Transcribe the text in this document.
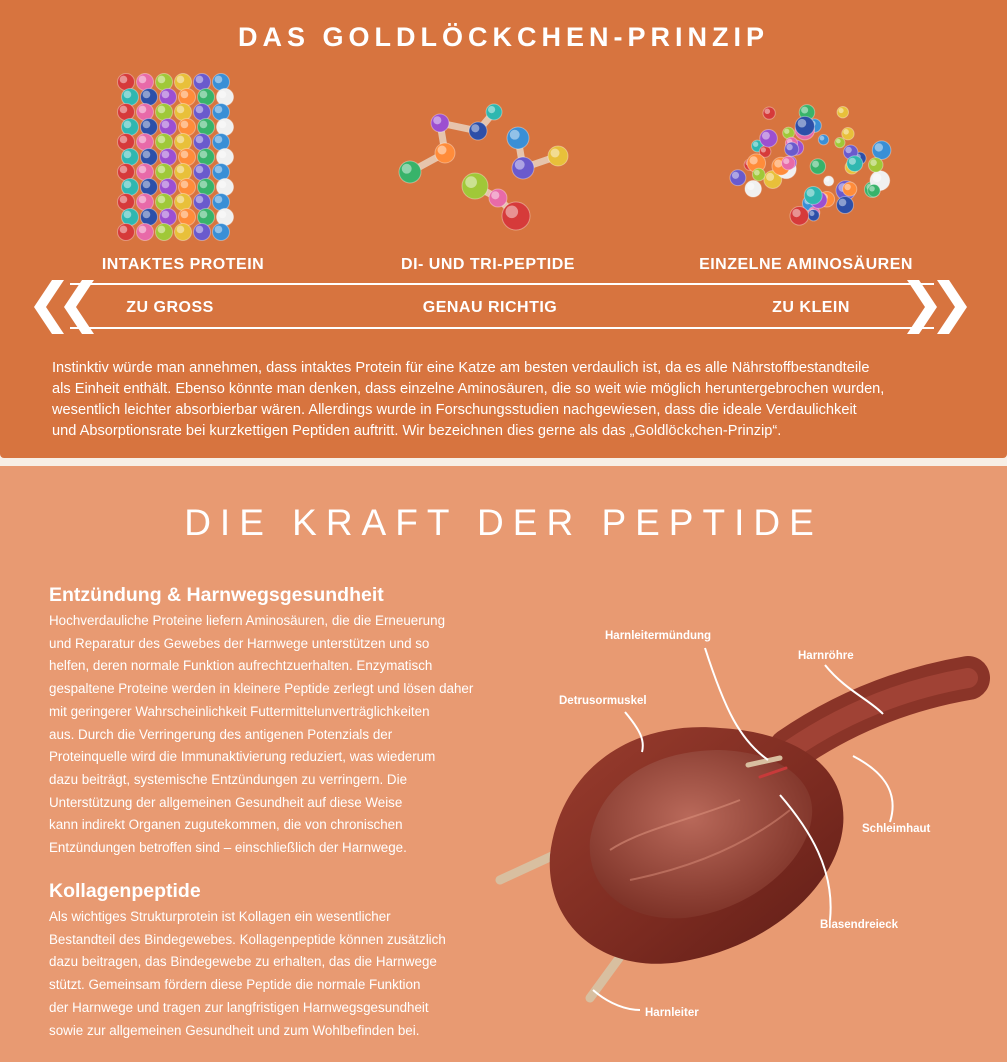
DAS GOLDLÖCKCHEN-PRINZIP
INTAKTES PROTEIN	DI- UND TRI-PEPTIDE	EINZELNE AMINOSÄUREN
ZU GROSS	GENAU RICHTIG	ZU KLEIN
Instinktiv würde man annehmen, dass intaktes Protein für eine Katze am besten verdaulich ist, da es alle Nährstoffbestandteile
als Einheit enthält. Ebenso könnte man denken, dass einzelne Aminosäuren, die so weit wie möglich heruntergebrochen wurden,
wesentlich leichter absorbierbar wären. Allerdings wurde in Forschungsstudien nachgewiesen, dass die ideale Verdaulichkeit
und Absorptionsrate bei kurzkettigen Peptiden auftritt. Wir bezeichnen dies gerne als das „Goldlöckchen-Prinzip“.
DIE KRAFT DER PEPTIDE
Entzündung & Harnwegsgesundheit
Hochverdauliche Proteine liefern Aminosäuren, die die Erneuerung
und Reparatur des Gewebes der Harnwege unterstützen und so
helfen, deren normale Funktion aufrechtzuerhalten. Enzymatisch
gespaltene Proteine werden in kleinere Peptide zerlegt und lösen daher
mit geringerer Wahrscheinlichkeit Futtermittelunverträglichkeiten
aus. Durch die Verringerung des antigenen Potenzials der
Proteinquelle wird die Immunaktivierung reduziert, was wiederum
dazu beiträgt, systemische Entzündungen zu verringern. Die
Unterstützung der allgemeinen Gesundheit auf diese Weise
kann indirekt Organen zugutekommen, die von chronischen
Entzündungen betroffen sind – einschließlich der Harnwege.
Kollagenpeptide
Als wichtiges Strukturprotein ist Kollagen ein wesentlicher
Bestandteil des Bindegewebes. Kollagenpeptide können zusätzlich
dazu beitragen, das Bindegewebe zu erhalten, das die Harnwege
stützt. Gemeinsam fördern diese Peptide die normale Funktion
der Harnwege und tragen zur langfristigen Harnwegsgesundheit
sowie zur allgemeinen Gesundheit und zum Wohlbefinden bei.
Harnleitermündung
Harnröhre
Detrusormuskel
Schleimhaut
Blasendreieck
Harnleiter
